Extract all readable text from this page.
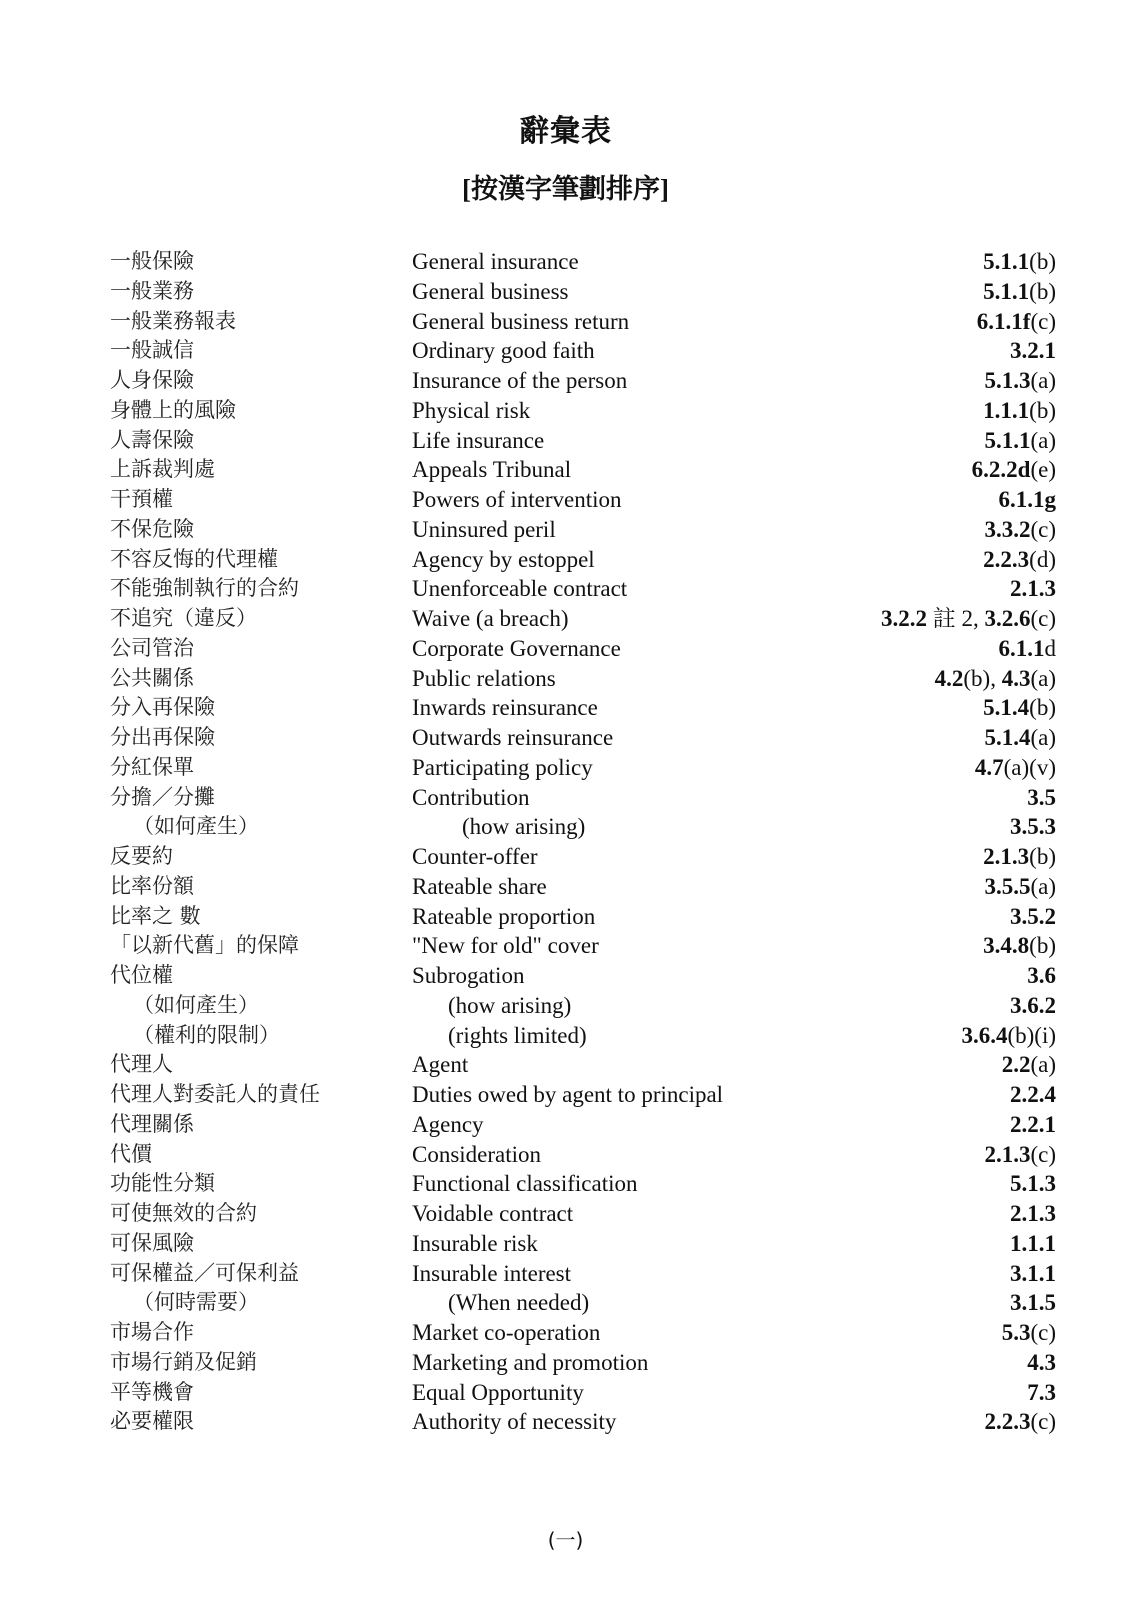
辭彙表
[按漢字筆劃排序]
一般保險	General insurance	5.1.1(b)
一般業務	General business	5.1.1(b)
一般業務報表	General business return	6.1.1f(c)
一般誠信	Ordinary good faith	3.2.1
人身保險	Insurance of the person	5.1.3(a)
身體上的風險	Physical risk	1.1.1(b)
人壽保險	Life insurance	5.1.1(a)
上訴裁判處	Appeals Tribunal	6.2.2d(e)
干預權	Powers of intervention	6.1.1g
不保危險	Uninsured peril	3.3.2(c)
不容反悔的代理權	Agency by estoppel	2.2.3(d)
不能強制執行的合約	Unenforceable contract	2.1.3
不追究（違反）	Waive (a breach)	3.2.2 註 2, 3.2.6(c)
公司管治	Corporate Governance	6.1.1d
公共關係	Public relations	4.2(b), 4.3(a)
分入再保險	Inwards reinsurance	5.1.4(b)
分出再保險	Outwards reinsurance	5.1.4(a)
分紅保單	Participating policy	4.7(a)(v)
分擔／分攤	Contribution	3.5
（如何產生）	(how arising)	3.5.3
反要約	Counter-offer	2.1.3(b)
比率份額	Rateable share	3.5.5(a)
比率之 數	Rateable proportion	3.5.2
「以新代舊」的保障	"New for old" cover	3.4.8(b)
代位權	Subrogation	3.6
（如何產生）	(how arising)	3.6.2
（權利的限制）	(rights limited)	3.6.4(b)(i)
代理人	Agent	2.2(a)
代理人對委託人的責任	Duties owed by agent to principal	2.2.4
代理關係	Agency	2.2.1
代價	Consideration	2.1.3(c)
功能性分類	Functional classification	5.1.3
可使無效的合約	Voidable contract	2.1.3
可保風險	Insurable risk	1.1.1
可保權益／可保利益	Insurable interest	3.1.1
（何時需要）	(When needed)	3.1.5
市場合作	Market co-operation	5.3(c)
市場行銷及促銷	Marketing and promotion	4.3
平等機會	Equal Opportunity	7.3
必要權限	Authority of necessity	2.2.3(c)
(一)
